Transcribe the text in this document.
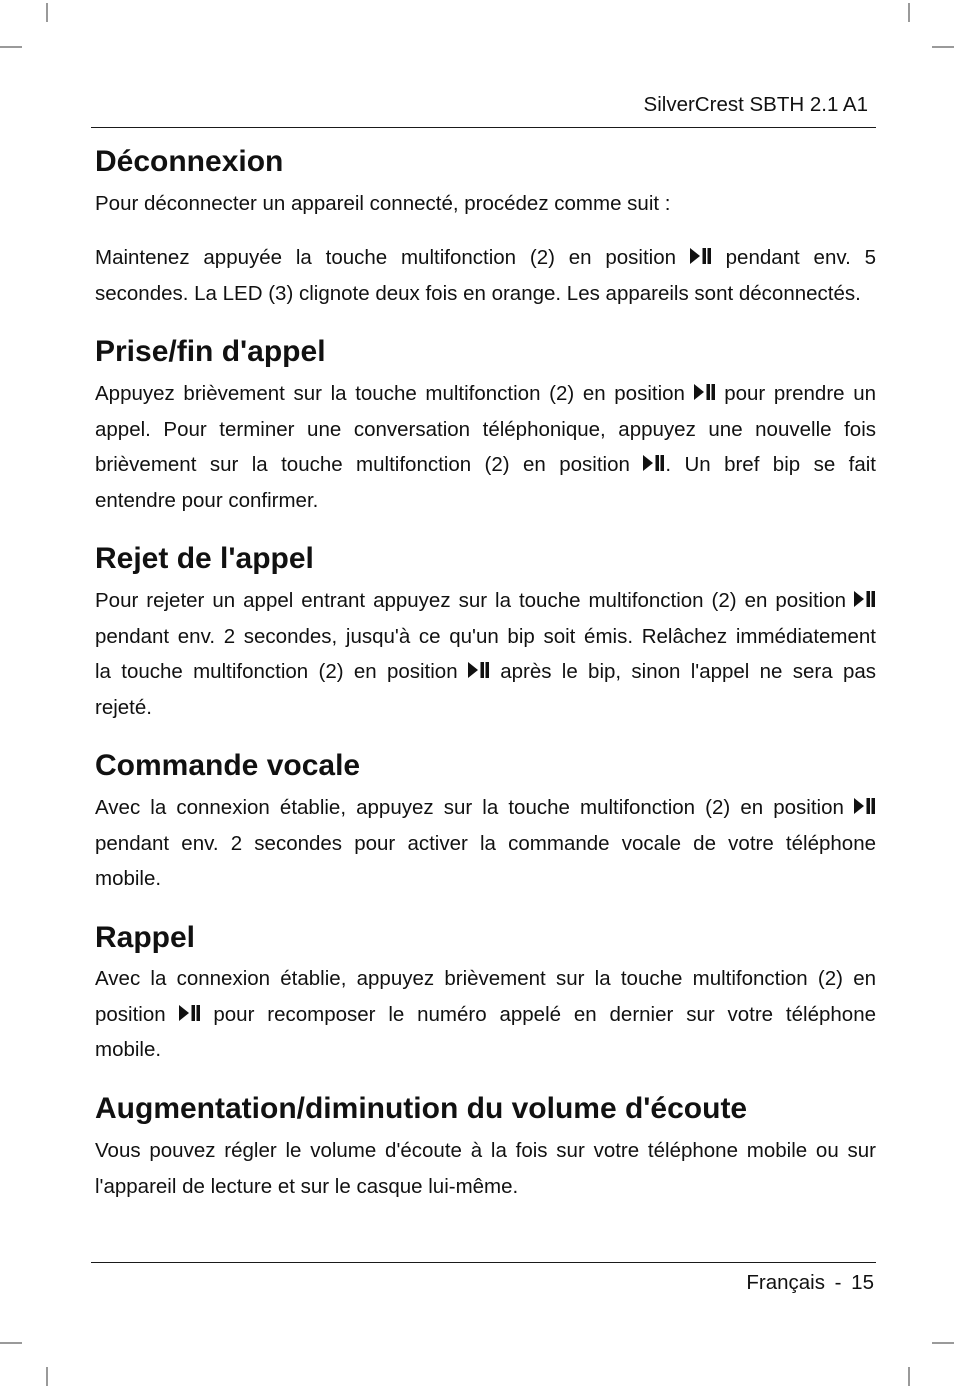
SilverCrest SBTH 2.1 A1
Déconnexion
Pour déconnecter un appareil connecté, procédez comme suit :
Maintenez appuyée la touche multifonction (2) en position  pendant env. 5
secondes. La LED (3) clignote deux fois en orange. Les appareils sont déconnectés.
Prise/fin d'appel
Appuyez brièvement sur la touche multifonction (2) en position  pour prendre un
appel. Pour terminer une conversation téléphonique, appuyez une nouvelle fois
brièvement sur la touche multifonction (2) en position . Un bref bip se fait
entendre pour confirmer.
Rejet de l'appel
Pour rejeter un appel entrant appuyez sur la touche multifonction (2) en position
pendant env. 2 secondes, jusqu'à ce qu'un bip soit émis. Relâchez immédiatement
la touche multifonction (2) en position  après le bip, sinon l'appel ne sera pas
rejeté.
Commande vocale
Avec la connexion établie, appuyez sur la touche multifonction (2) en position
pendant env. 2 secondes pour activer la commande vocale de votre téléphone
mobile.
Rappel
Avec la connexion établie, appuyez brièvement sur la touche multifonction (2) en
position  pour recomposer le numéro appelé en dernier sur votre téléphone
mobile.
Augmentation/diminution du volume d'écoute
Vous pouvez régler le volume d'écoute à la fois sur votre téléphone mobile ou sur
l'appareil de lecture et sur le casque lui-même.
Français - 15
